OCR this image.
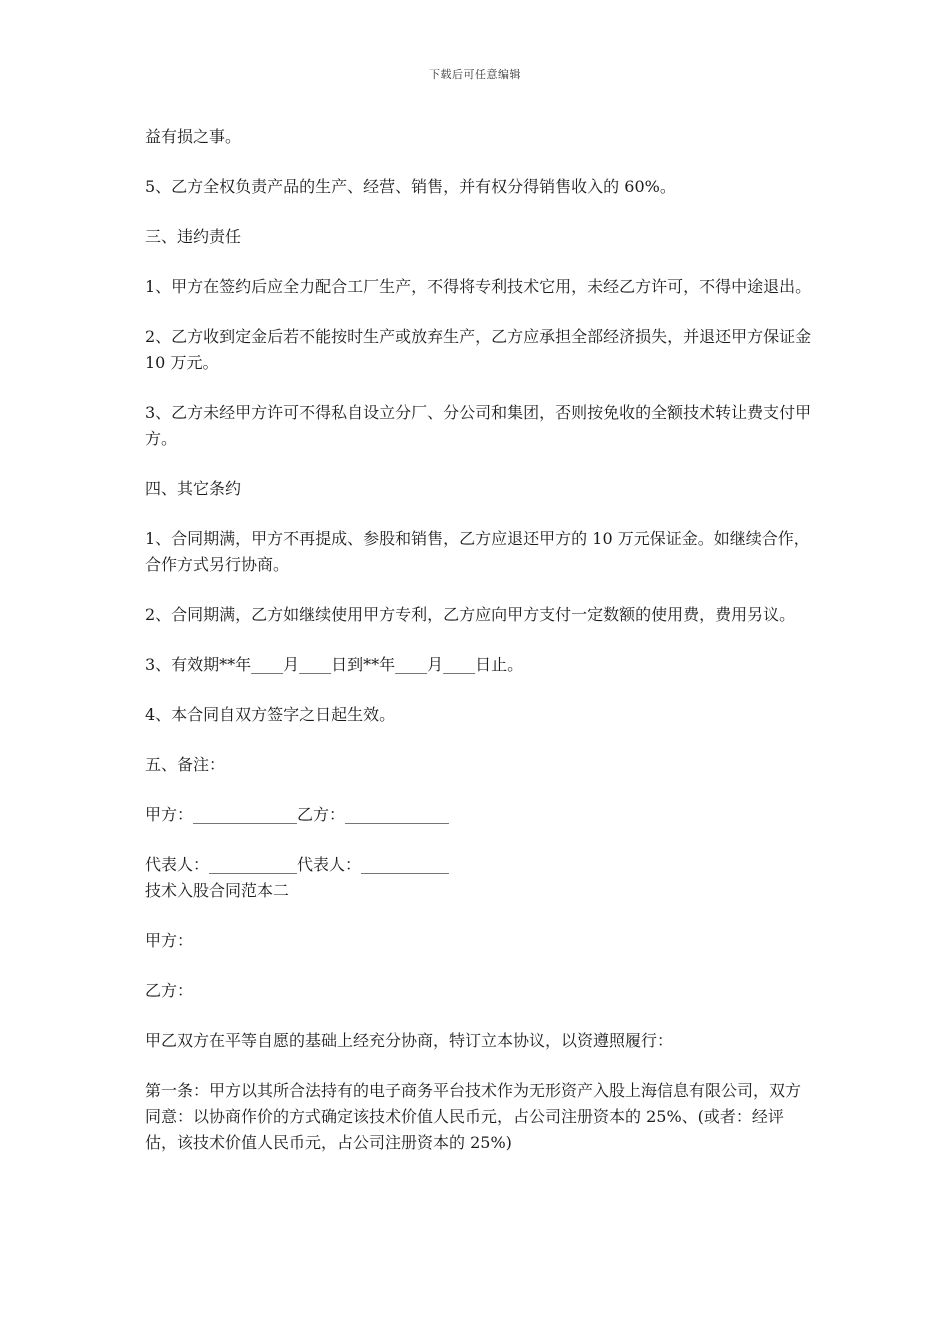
下载后可任意编辑

益有损之事。

5、乙方全权负责产品的生产、经营、销售，并有权分得销售收入的 60%。

三、违约责任

1、甲方在签约后应全力配合工厂生产，不得将专利技术它用，未经乙方许可，不得中途退出。

2、乙方收到定金后若不能按时生产或放弃生产，乙方应承担全部经济损失，并退还甲方保证金 10 万元。

3、乙方未经甲方许可不得私自设立分厂、分公司和集团，否则按免收的全额技术转让费支付甲方。

四、其它条约

1、合同期满，甲方不再提成、参股和销售，乙方应退还甲方的 10 万元保证金。如继续合作，合作方式另行协商。

2、合同期满，乙方如继续使用甲方专利，乙方应向甲方支付一定数额的使用费，费用另议。

3、有效期**年____月____日到**年____月____日止。

4、本合同自双方签字之日起生效。

五、备注：

甲方：_____________乙方：_____________

代表人：___________代表人：___________

技术入股合同范本二

甲方：

乙方：

甲乙双方在平等自愿的基础上经充分协商，特订立本协议，以资遵照履行：

第一条：甲方以其所合法持有的电子商务平台技术作为无形资产入股上海信息有限公司，双方同意：以协商作价的方式确定该技术价值人民币元，占公司注册资本的 25%、(或者：经评估，该技术价值人民币元，占公司注册资本的 25%)
